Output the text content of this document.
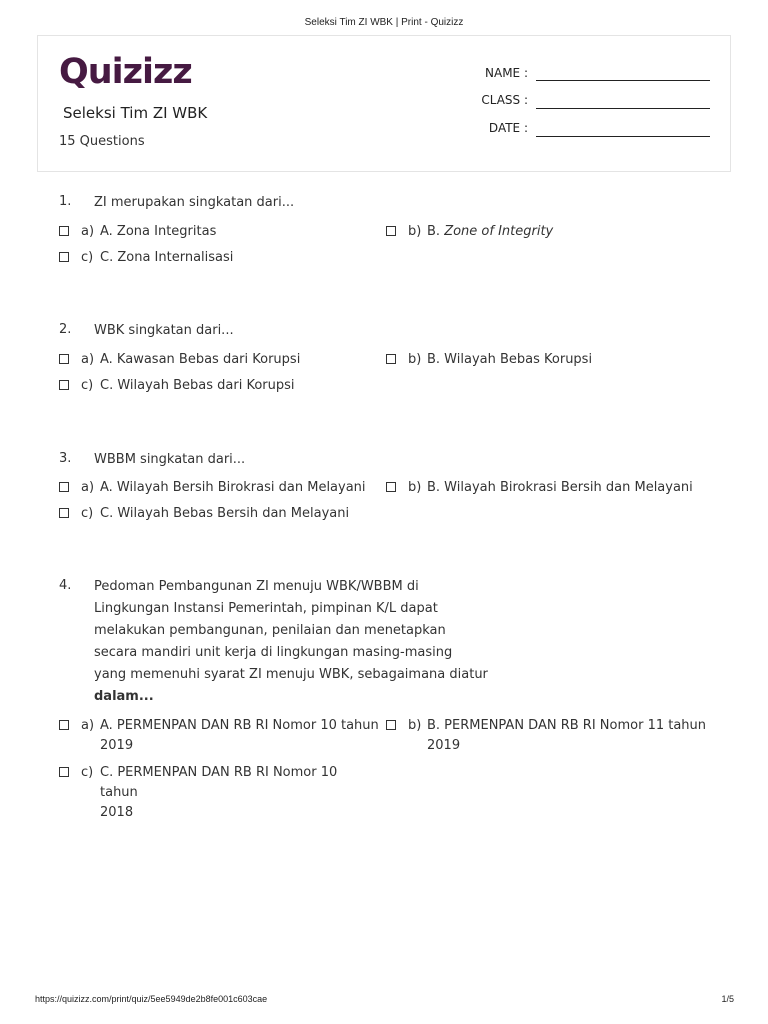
Seleksi Tim ZI WBK | Print - Quizizz
Quizizz
Seleksi Tim ZI WBK
15 Questions
NAME :
CLASS :
DATE :
1. ZI merupakan singkatan dari...
a) A. Zona Integritas	b) B. Zone of Integrity
c) C. Zona Internalisasi
2. WBK singkatan dari...
a) A. Kawasan Bebas dari Korupsi	b) B. Wilayah Bebas Korupsi
c) C. Wilayah Bebas dari Korupsi
3. WBBM singkatan dari...
a) A. Wilayah Bersih Birokrasi dan Melayani	b) B. Wilayah Birokrasi Bersih dan Melayani
c) C. Wilayah Bebas Bersih dan Melayani
4. Pedoman Pembangunan ZI menuju WBK/WBBM di
Lingkungan Instansi Pemerintah, pimpinan K/L dapat
melakukan pembangunan, penilaian dan menetapkan
secara mandiri unit kerja di lingkungan masing-masing
yang memenuhi syarat ZI menuju WBK, sebagaimana diatur
dalam...
a) A. PERMENPAN DAN RB RI Nomor 10 tahun
2019
b) B. PERMENPAN DAN RB RI Nomor 11 tahun
2019
c) C. PERMENPAN DAN RB RI Nomor 10 tahun
2018
https://quizizz.com/print/quiz/5ee5949de2b8fe001c603cae	1/5
